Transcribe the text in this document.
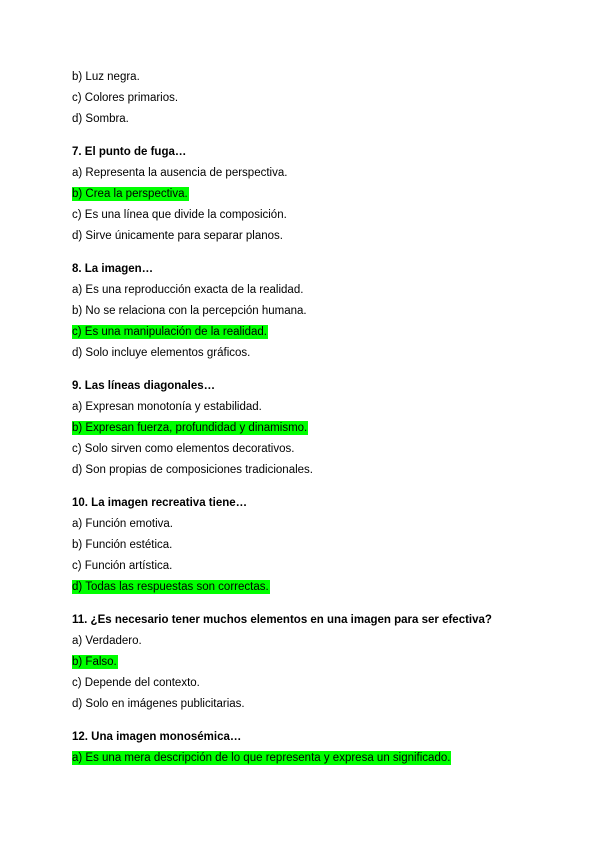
b) Luz negra.
c) Colores primarios.
d) Sombra.
7. El punto de fuga…
a) Representa la ausencia de perspectiva.
b) Crea la perspectiva.
c) Es una línea que divide la composición.
d) Sirve únicamente para separar planos.
8. La imagen…
a) Es una reproducción exacta de la realidad.
b) No se relaciona con la percepción humana.
c) Es una manipulación de la realidad.
d) Solo incluye elementos gráficos.
9. Las líneas diagonales…
a) Expresan monotonía y estabilidad.
b) Expresan fuerza, profundidad y dinamismo.
c) Solo sirven como elementos decorativos.
d) Son propias de composiciones tradicionales.
10. La imagen recreativa tiene…
a) Función emotiva.
b) Función estética.
c) Función artística.
d) Todas las respuestas son correctas.
11. ¿Es necesario tener muchos elementos en una imagen para ser efectiva?
a) Verdadero.
b) Falso.
c) Depende del contexto.
d) Solo en imágenes publicitarias.
12. Una imagen monosémica…
a) Es una mera descripción de lo que representa y expresa un significado.
